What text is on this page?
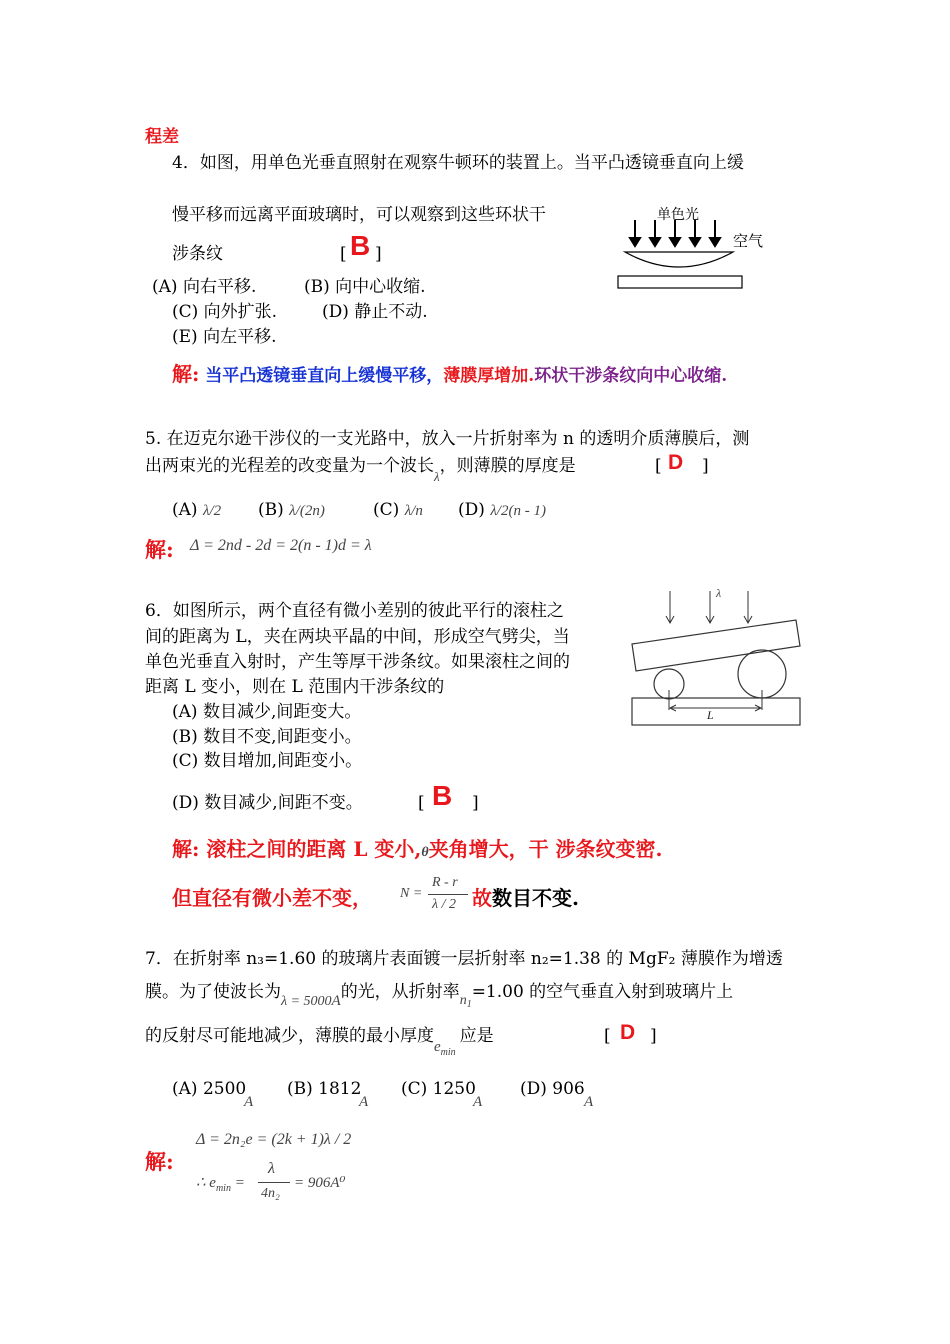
程差
4．如图，用单色光垂直照射在观察牛顿环的装置上。当平凸透镜垂直向上缓
慢平移而远离平面玻璃时，可以观察到这些环状干
涉条纹	[ B ]
(A) 向右平移.	(B) 向中心收缩.
(C) 向外扩张.	(D) 静止不动.
(E) 向左平移.
解: 当平凸透镜垂直向上缓慢平移，薄膜厚增加.环状干涉条纹向中心收缩.
单色光
空气
5. 在迈克尔逊干涉仪的一支光路中，放入一片折射率为 n 的透明介质薄膜后，测
出两束光的光程差的改变量为一个波长$_\lambda$，则薄膜的厚度是	[ D ]
(A) λ/2 (B) λ/(2n)	(C) λ/n (D) λ/2(n - 1)
解: Δ = 2nd - 2d = 2(n - 1)d = λ
6．如图所示，两个直径有微小差别的彼此平行的滚柱之
间的距离为 L，夹在两块平晶的中间，形成空气劈尖，当
单色光垂直入射时，产生等厚干涉条纹。如果滚柱之间的
距离 L 变小，则在 L 范围内干涉条纹的
(A) 数目减少,间距变大。
(B) 数目不变,间距变小。
(C) 数目增加,间距变小。
(D) 数目减少,间距不变。	[ B ]
解: 滚柱之间的距离 L 变小,θ夹角增大，干 涉条纹变密.
但直径有微小差不变， N =
R - r
λ / 2 故数目不变.
λ
L
7．在折射率 n₃=1.60 的玻璃片表面镀一层折射率 n₂=1.38 的 MgF₂ 薄膜作为增透
膜。为了使波长为$_{\lambda = 5000}$A的光，从折射率$_{n1}$=1.00 的空气垂直入射到玻璃片上
的反射尽可能地减少，薄膜的最小厚度$e_{min}$应是	[ D ]
(A) 2500
A
(B) 1812
A
(C) 1250
A
(D) 906
A
解:
Δ = 2n₂e = (2k + 1)λ / 2
∴ $e_{min}$ =
λ
4n₂
= 906A⁰
